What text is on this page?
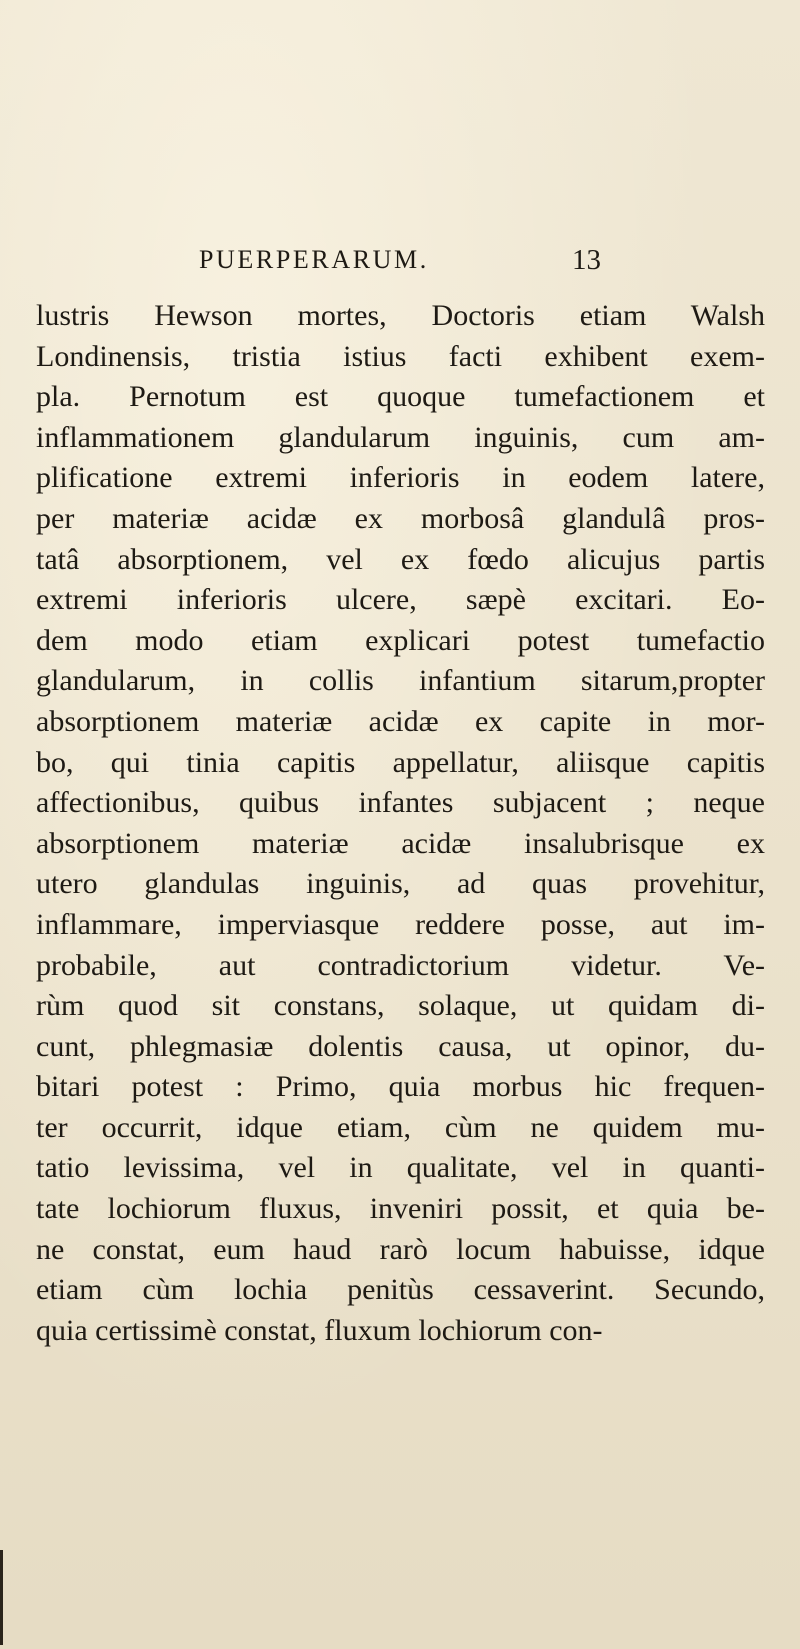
PUERPERARUM.	13
lustris Hewson mortes, Doctoris etiam Walsh
Londinensis, tristia istius facti exhibent exem-
pla. Pernotum est quoque tumefactionem et
inflammationem glandularum inguinis, cum am-
plificatione extremi inferioris in eodem latere,
per materiæ acidæ ex morbosâ glandulâ pros-
tatâ absorptionem, vel ex fœdo alicujus partis
extremi inferioris ulcere, sæpè excitari. Eo-
dem modo etiam explicari potest tumefactio
glandularum, in collis infantium sitarum,propter
absorptionem materiæ acidæ ex capite in mor-
bo, qui tinia capitis appellatur, aliisque capitis
affectionibus, quibus infantes subjacent ; neque
absorptionem materiæ acidæ insalubrisque ex
utero glandulas inguinis, ad quas provehitur,
inflammare, imperviasque reddere posse, aut im-
probabile, aut contradictorium videtur. Ve-
rùm quod sit constans, solaque, ut quidam di-
cunt, phlegmasiæ dolentis causa, ut opinor, du-
bitari potest : Primo, quia morbus hic frequen-
ter occurrit, idque etiam, cùm ne quidem mu-
tatio levissima, vel in qualitate, vel in quanti-
tate lochiorum fluxus, inveniri possit, et quia be-
ne constat, eum haud rarò locum habuisse, idque
etiam cùm lochia penitùs cessaverint. Secundo,
quia certissimè constat, fluxum lochiorum con-
